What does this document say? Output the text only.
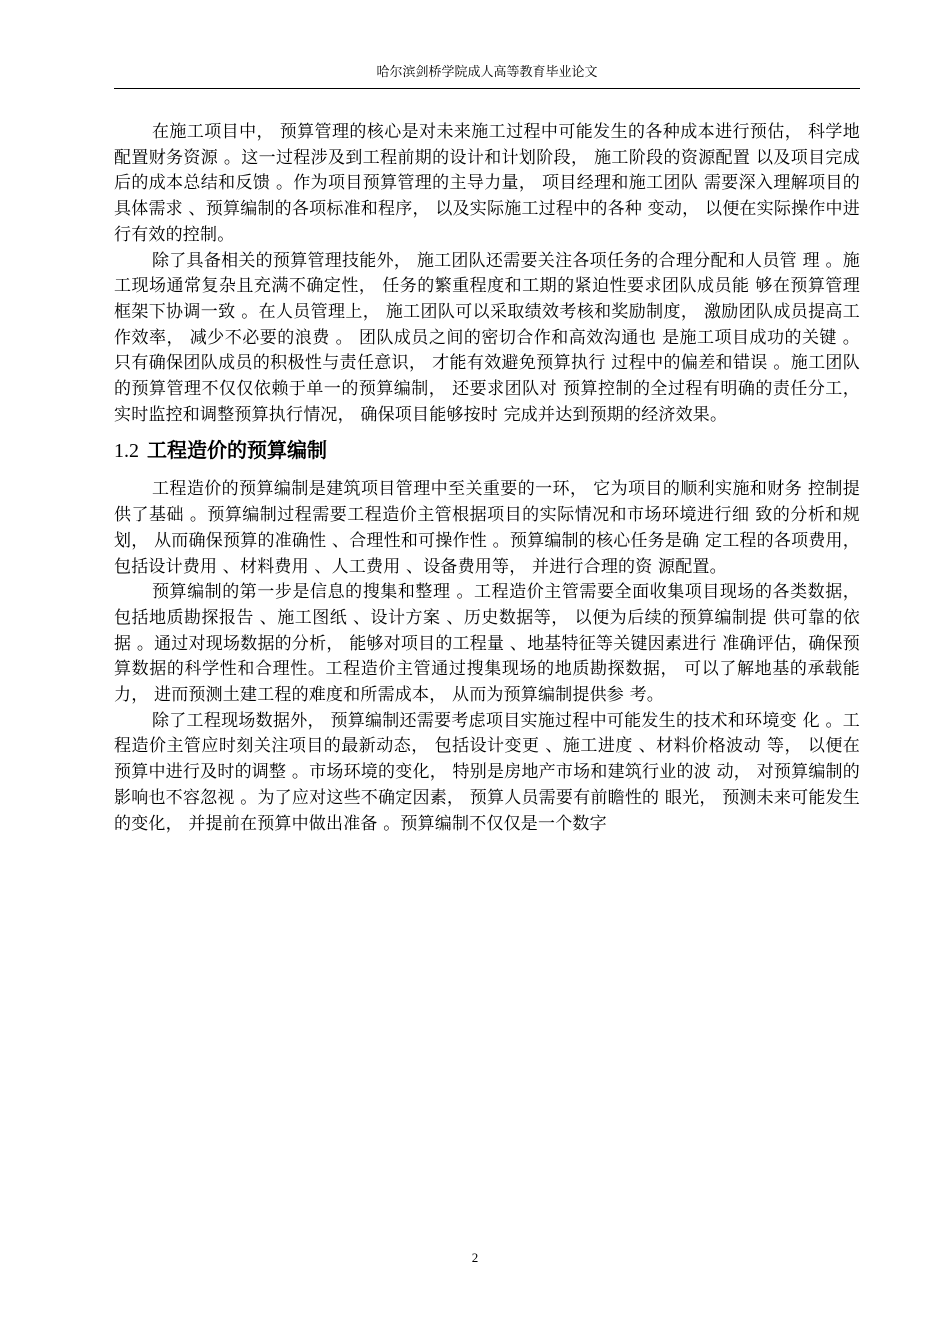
哈尔滨剑桥学院成人高等教育毕业论文

在施工项目中， 预算管理的核心是对未来施工过程中可能发生的各种成本进行预估， 科学地配置财务资源 。这一过程涉及到工程前期的设计和计划阶段， 施工阶段的资源配置 以及项目完成后的成本总结和反馈 。作为项目预算管理的主导力量， 项目经理和施工团队 需要深入理解项目的具体需求 、预算编制的各项标准和程序， 以及实际施工过程中的各种 变动， 以便在实际操作中进行有效的控制。

除了具备相关的预算管理技能外， 施工团队还需要关注各项任务的合理分配和人员管 理 。施工现场通常复杂且充满不确定性， 任务的繁重程度和工期的紧迫性要求团队成员能 够在预算管理框架下协调一致 。在人员管理上， 施工团队可以采取绩效考核和奖励制度， 激励团队成员提高工作效率， 减少不必要的浪费 。 团队成员之间的密切合作和高效沟通也 是施工项目成功的关键 。只有确保团队成员的积极性与责任意识， 才能有效避免预算执行 过程中的偏差和错误 。施工团队的预算管理不仅仅依赖于单一的预算编制， 还要求团队对 预算控制的全过程有明确的责任分工， 实时监控和调整预算执行情况， 确保项目能够按时 完成并达到预期的经济效果。

1.2 工程造价的预算编制

工程造价的预算编制是建筑项目管理中至关重要的一环， 它为项目的顺利实施和财务 控制提供了基础 。预算编制过程需要工程造价主管根据项目的实际情况和市场环境进行细 致的分析和规划， 从而确保预算的准确性 、合理性和可操作性 。预算编制的核心任务是确 定工程的各项费用， 包括设计费用 、材料费用 、人工费用 、设备费用等， 并进行合理的资 源配置。

预算编制的第一步是信息的搜集和整理 。工程造价主管需要全面收集项目现场的各类数据， 包括地质勘探报告 、施工图纸 、设计方案 、历史数据等， 以便为后续的预算编制提 供可靠的依据 。通过对现场数据的分析， 能够对项目的工程量 、地基特征等关键因素进行 准确评估，确保预算数据的科学性和合理性。工程造价主管通过搜集现场的地质勘探数据， 可以了解地基的承载能力， 进而预测土建工程的难度和所需成本， 从而为预算编制提供参 考。

除了工程现场数据外， 预算编制还需要考虑项目实施过程中可能发生的技术和环境变 化 。工程造价主管应时刻关注项目的最新动态， 包括设计变更 、施工进度 、材料价格波动 等， 以便在预算中进行及时的调整 。市场环境的变化， 特别是房地产市场和建筑行业的波 动， 对预算编制的影响也不容忽视 。为了应对这些不确定因素， 预算人员需要有前瞻性的 眼光， 预测未来可能发生的变化， 并提前在预算中做出准备 。预算编制不仅仅是一个数字

2
